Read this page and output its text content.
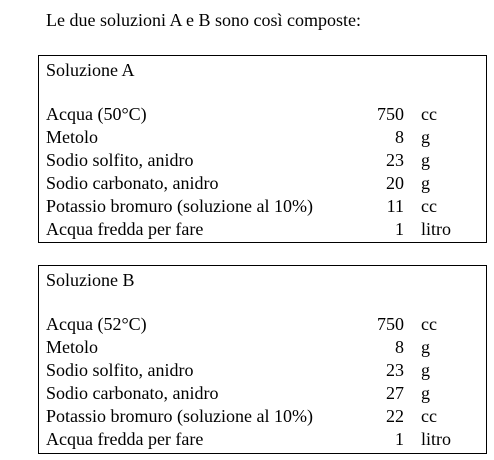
Le due soluzioni A e B sono così composte:
Soluzione A
Acqua (50°C)	750 cc
Metolo	8 g
Sodio solfito, anidro	23 g
Sodio carbonato, anidro	20 g
Potassio bromuro (soluzione al 10%)	11 cc
Acqua fredda per fare	1 litro
Soluzione B
Acqua (52°C)	750 cc
Metolo	8 g
Sodio solfito, anidro	23 g
Sodio carbonato, anidro	27 g
Potassio bromuro (soluzione al 10%)	22 cc
Acqua fredda per fare	1 litro
